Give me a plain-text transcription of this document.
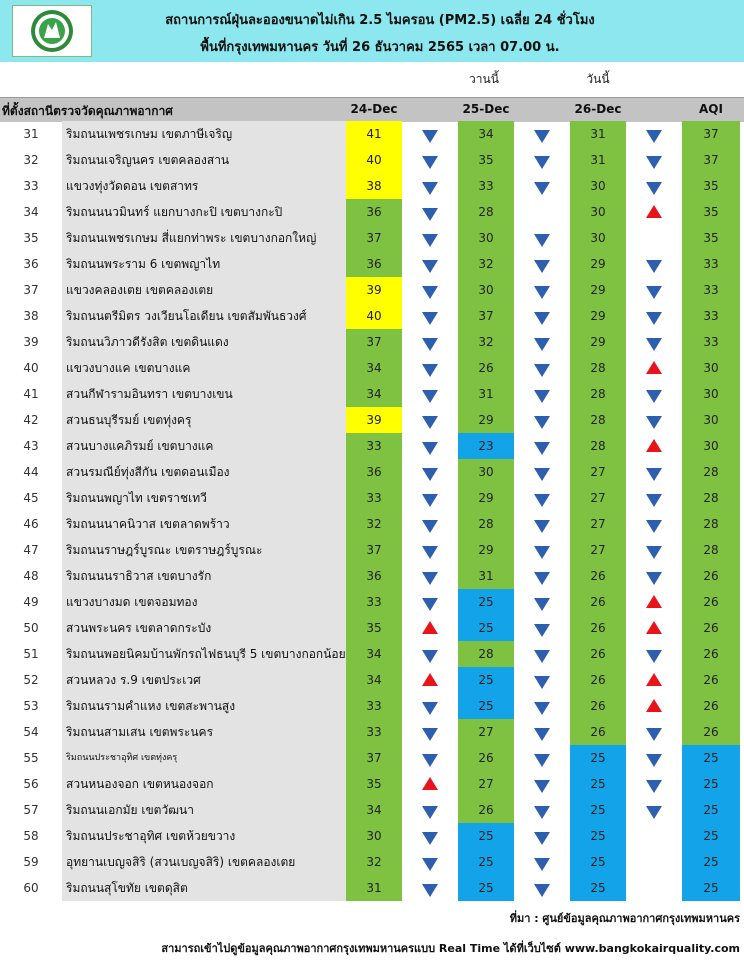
สถานการณ์ฝุ่นละอองขนาดไม่เกิน 2.5 ไมครอน (PM2.5) เฉลี่ย 24 ชั่วโมง
พื้นที่กรุงเทพมหานคร วันที่ 26 ธันวาคม 2565 เวลา 07.00 น.
วานนี้	วันนี้
ที่ตั้งสถานีตรวจวัดคุณภาพอากาศ	24-Dec	25-Dec	26-Dec	AQI
31	ริมถนนเพชรเกษม เขตภาษีเจริญ	41	34	31	37
32	ริมถนนเจริญนคร เขตคลองสาน	40	35	31	37
33	แขวงทุ่งวัดดอน เขตสาทร	38	33	30	35
34	ริมถนนนวมินทร์ แยกบางกะปิ เขตบางกะปิ	36	28	30	35
35	ริมถนนเพชรเกษม สี่แยกท่าพระ เขตบางกอกใหญ่	37	30	30	35
36	ริมถนนพระราม 6 เขตพญาไท	36	32	29	33
37	แขวงคลองเตย เขตคลองเตย	39	30	29	33
38	ริมถนนตรีมิตร วงเวียนโอเดียน เขตสัมพันธวงศ์	40	37	29	33
39	ริมถนนวิภาวดีรังสิต เขตดินแดง	37	32	29	33
40	แขวงบางแค เขตบางแค	34	26	28	30
41	สวนกีฬารามอินทรา เขตบางเขน	34	31	28	30
42	สวนธนบุรีรมย์ เขตทุ่งครุ	39	29	28	30
43	สวนบางแคภิรมย์ เขตบางแค	33	23	28	30
44	สวนรมณีย์ทุ่งสีกัน เขตดอนเมือง	36	30	27	28
45	ริมถนนพญาไท เขตราชเทวี	33	29	27	28
46	ริมถนนนาคนิวาส เขตลาดพร้าว	32	28	27	28
47	ริมถนนราษฎร์บูรณะ เขตราษฎร์บูรณะ	37	29	27	28
48	ริมถนนนราธิวาส เขตบางรัก	36	31	26	26
49	แขวงบางมด เขตจอมทอง	33	25	26	26
50	สวนพระนคร เขตลาดกระบัง	35	25	26	26
51	ริมถนนพอยนิคมบ้านพักรถไฟธนบุรี 5 เขตบางกอกน้อย	34	28	26	26
52	สวนหลวง ร.9 เขตประเวศ	34	25	26	26
53	ริมถนนรามคำแหง เขตสะพานสูง	33	25	26	26
54	ริมถนนสามเสน เขตพระนคร	33	27	26	26
55	ริมถนนประชาอุทิศ เขตทุ่งครุ	37	26	25	25
56	สวนหนองจอก เขตหนองจอก	35	27	25	25
57	ริมถนนเอกมัย เขตวัฒนา	34	26	25	25
58	ริมถนนประชาอุทิศ เขตห้วยขวาง	30	25	25	25
59	อุทยานเบญจสิริ (สวนเบญจสิริ) เขตคลองเตย	32	25	25	25
60	ริมถนนสุโขทัย เขตดุสิต	31	25	25	25
ที่มา : ศูนย์ข้อมูลคุณภาพอากาศกรุงเทพมหานคร
สามารถเข้าไปดูข้อมูลคุณภาพอากาศกรุงเทพมหานครแบบ Real Time ได้ที่เว็บไซต์ www.bangkokairquality.com
